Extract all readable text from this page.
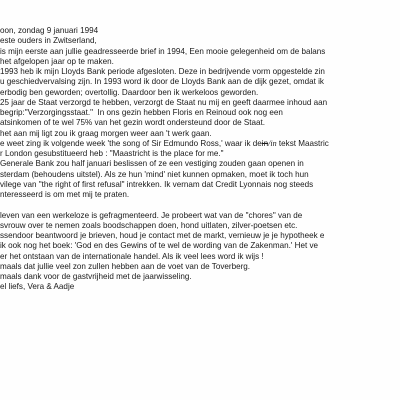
oon, zondag 9 januari 1994
este ouders in Zwitserland,
is mijn eerste aan jullie geadresseerde brief in 1994, Een mooie gelegenheid om de balans
het afgelopen jaar op te maken.
1993 heb ik mijn Lloyds Bank periode afgesloten. Deze in bedrijvende vorm opgestelde zin
u geschiedvervalsing zijn. In 1993 word ik door de Lloyds Bank aan de dijk gezet, omdat ik
erbodig ben geworden; overtollig. Daardoor ben ik werkeloos geworden.
25 jaar de Staat verzorgd te hebben, verzorgt de Staat nu mij en geeft daarmee inhoud aan
begrip:"Verzorgingsstaat."  In ons gezin hebben Floris en Reinoud ook nog een
atsinkomen of te wel 75% van het gezin wordt ondersteund door de Staat.
het aan mij ligt zou ik graag morgen weer aan 't werk gaan.
e weet zing ik volgende week 'the song of Sir Edmundo Ross,' waar ik dein/in tekst Maastric
r London gesubstitueerd heb : "Maastricht is the place for me."
Generale Bank zou half januari beslissen of ze een vestiging zouden gaan openen in
sterdam (behoudens uitstel). Als ze hun 'mind' niet kunnen opmaken, moet ik toch hun
vilege van "the right of first refusal" intrekken. Ik vernam dat Credit Lyonnais nog steeds
nteresseerd is om met mij te praten.
leven van een werkeloze is gefragmenteerd. Je probeert wat van de "chores" van de
svrouw over te nemen zoals boodschappen doen, hond uitlaten, zilver-poetsen etc.
ssendoor beantwoord je brieven, houd je contact met de markt, vernieuw je je hypotheek e
ik ook nog het boek: 'God en des Gewins of te wel de wording van de Zakenman.' Het ve
er het ontstaan van de internationale handel. Als ik veel lees word ik wijs !
maals dat jullie veel zon zullen hebben aan de voet van de Toverberg.
maals dank voor de gastvrijheid met de jaarwisseling.
el liefs, Vera & Aadje
